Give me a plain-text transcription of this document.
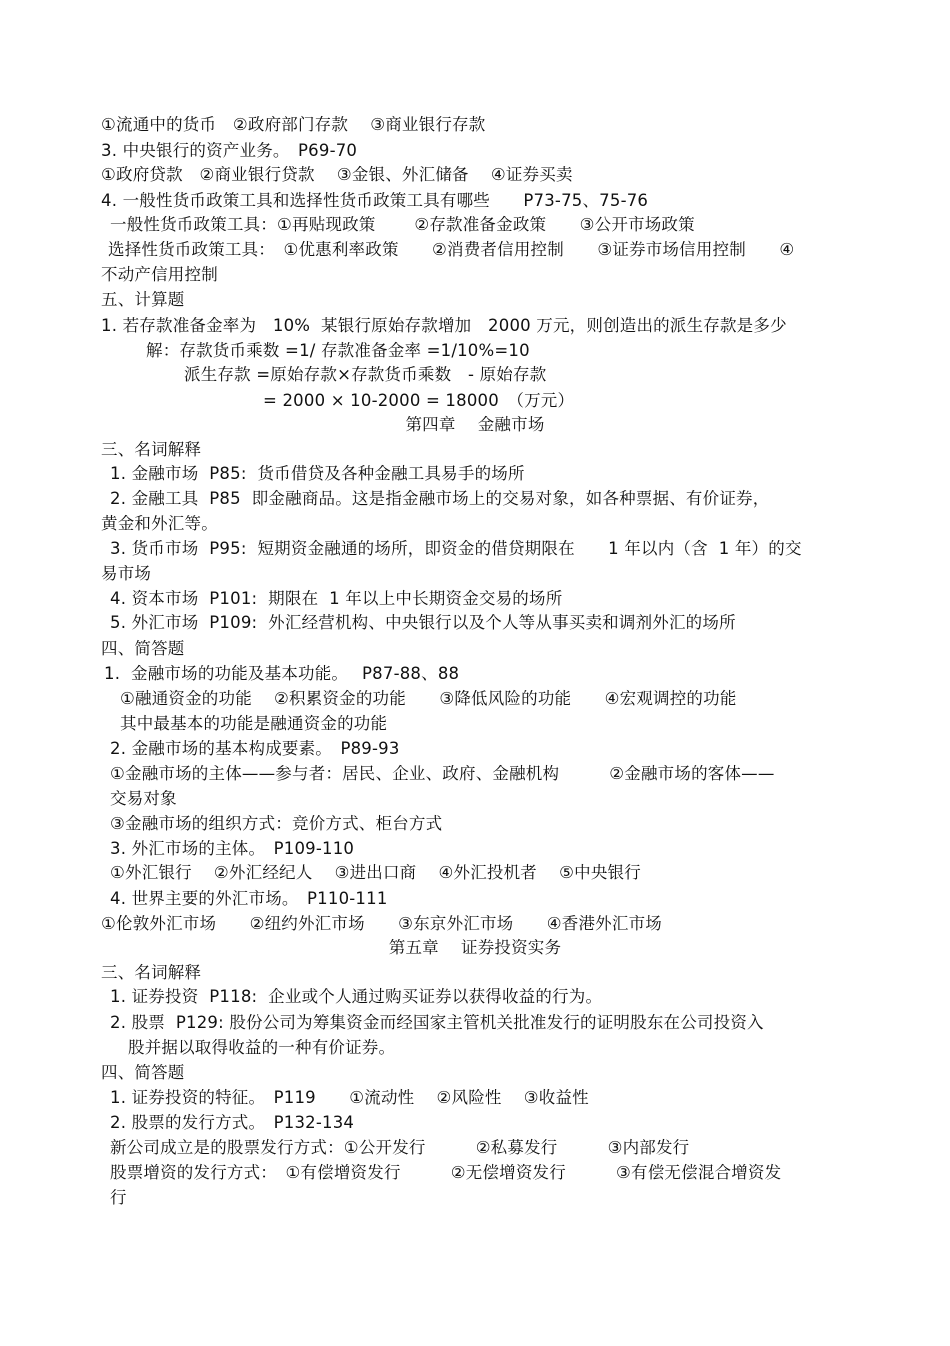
①流通中的货币　②政府部门存款　 ③商业银行存款
3. 中央银行的资产业务。　P69-70
①政府贷款　②商业银行贷款　 ③金银、外汇储备　 ④证券买卖
4. 一般性货币政策工具和选择性货币政策工具有哪些　　P73-75、75-76
一般性货币政策工具：①再贴现政策　　 ②存款准备金政策　　③公开市场政策
选择性货币政策工具：　①优惠利率政策　　②消费者信用控制　　③证券市场信用控制　　④
不动产信用控制
五、计算题
1. 若存款准备金率为　10%  某银行原始存款增加　2000 万元，则创造出的派生存款是多少
解：存款货币乘数 =1/ 存款准备金率 =1/10%=10
派生存款 =原始存款×存款货币乘数　- 原始存款
= 2000 × 10-2000 = 18000　（万元）
第四章　 金融市场
三、名词解释
1. 金融市场  P85:  货币借贷及各种金融工具易手的场所
2. 金融工具  P85  即金融商品。这是指金融市场上的交易对象，如各种票据、有价证券，
黄金和外汇等。
3. 货币市场  P95:  短期资金融通的场所，即资金的借贷期限在　　1 年以内（含  1 年）的交
易市场
4. 资本市场  P101:  期限在  1 年以上中长期资金交易的场所
5. 外汇市场  P109:  外汇经营机构、中央银行以及个人等从事买卖和调剂外汇的场所
四、简答题
1.  金融市场的功能及基本功能。　 P87-88、88
①融通资金的功能　 ②积累资金的功能　　③降低风险的功能　　④宏观调控的功能
其中最基本的功能是融通资金的功能
2. 金融市场的基本构成要素。　P89-93
①金融市场的主体——参与者：居民、企业、政府、金融机构　　　②金融市场的客体——
交易对象
③金融市场的组织方式：竞价方式、柜台方式
3. 外汇市场的主体。　P109-110
①外汇银行　 ②外汇经纪人　 ③进出口商　 ④外汇投机者　 ⑤中央银行
4. 世界主要的外汇市场。　P110-111
①伦敦外汇市场　　②纽约外汇市场　　③东京外汇市场　　④香港外汇市场
第五章　 证券投资实务
三、名词解释
1. 证券投资  P118:  企业或个人通过购买证券以获得收益的行为。
2. 股票  P129: 股份公司为筹集资金而经国家主管机关批准发行的证明股东在公司投资入
股并据以取得收益的一种有价证券。
四、简答题
1. 证券投资的特征。　P119　　①流动性　 ②风险性　 ③收益性
2. 股票的发行方式。　P132-134
新公司成立是的股票发行方式：①公开发行　　　②私募发行　　　③内部发行
股票增资的发行方式：　①有偿增资发行　　　②无偿增资发行　　　③有偿无偿混合增资发
行
